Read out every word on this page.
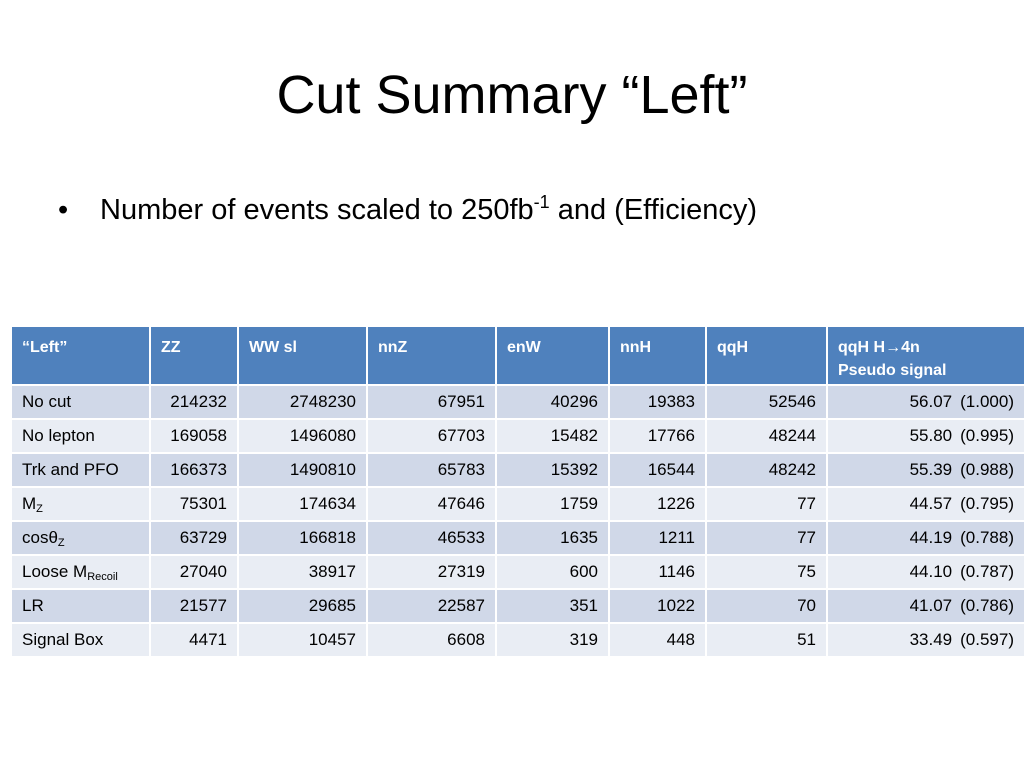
Cut Summary “Left”
• Number of events scaled to $250fb^{-1}$ and (Efficiency)
“Left”	ZZ	WW sl	nnZ	enW	nnH	qqH	qqH H→4n
Pseudo signal
No cut	214232	2748230	67951	40296	19383	52546	56.07 (1.000)
No lepton	169058	1496080	67703	15482	17766	48244	55.80 (0.995)
Trk and PFO	166373	1490810	65783	15392	16544	48242	55.39 (0.988)
$M_Z$	75301	174634	47646	1759	1226	77	44.57 (0.795)
cosθ$_Z$	63729	166818	46533	1635	1211	77	44.19 (0.788)
Loose $M_{Recoil}$	27040	38917	27319	600	1146	75	44.10 (0.787)
LR	21577	29685	22587	351	1022	70	41.07 (0.786)
Signal Box	4471	10457	6608	319	448	51	33.49 (0.597)
